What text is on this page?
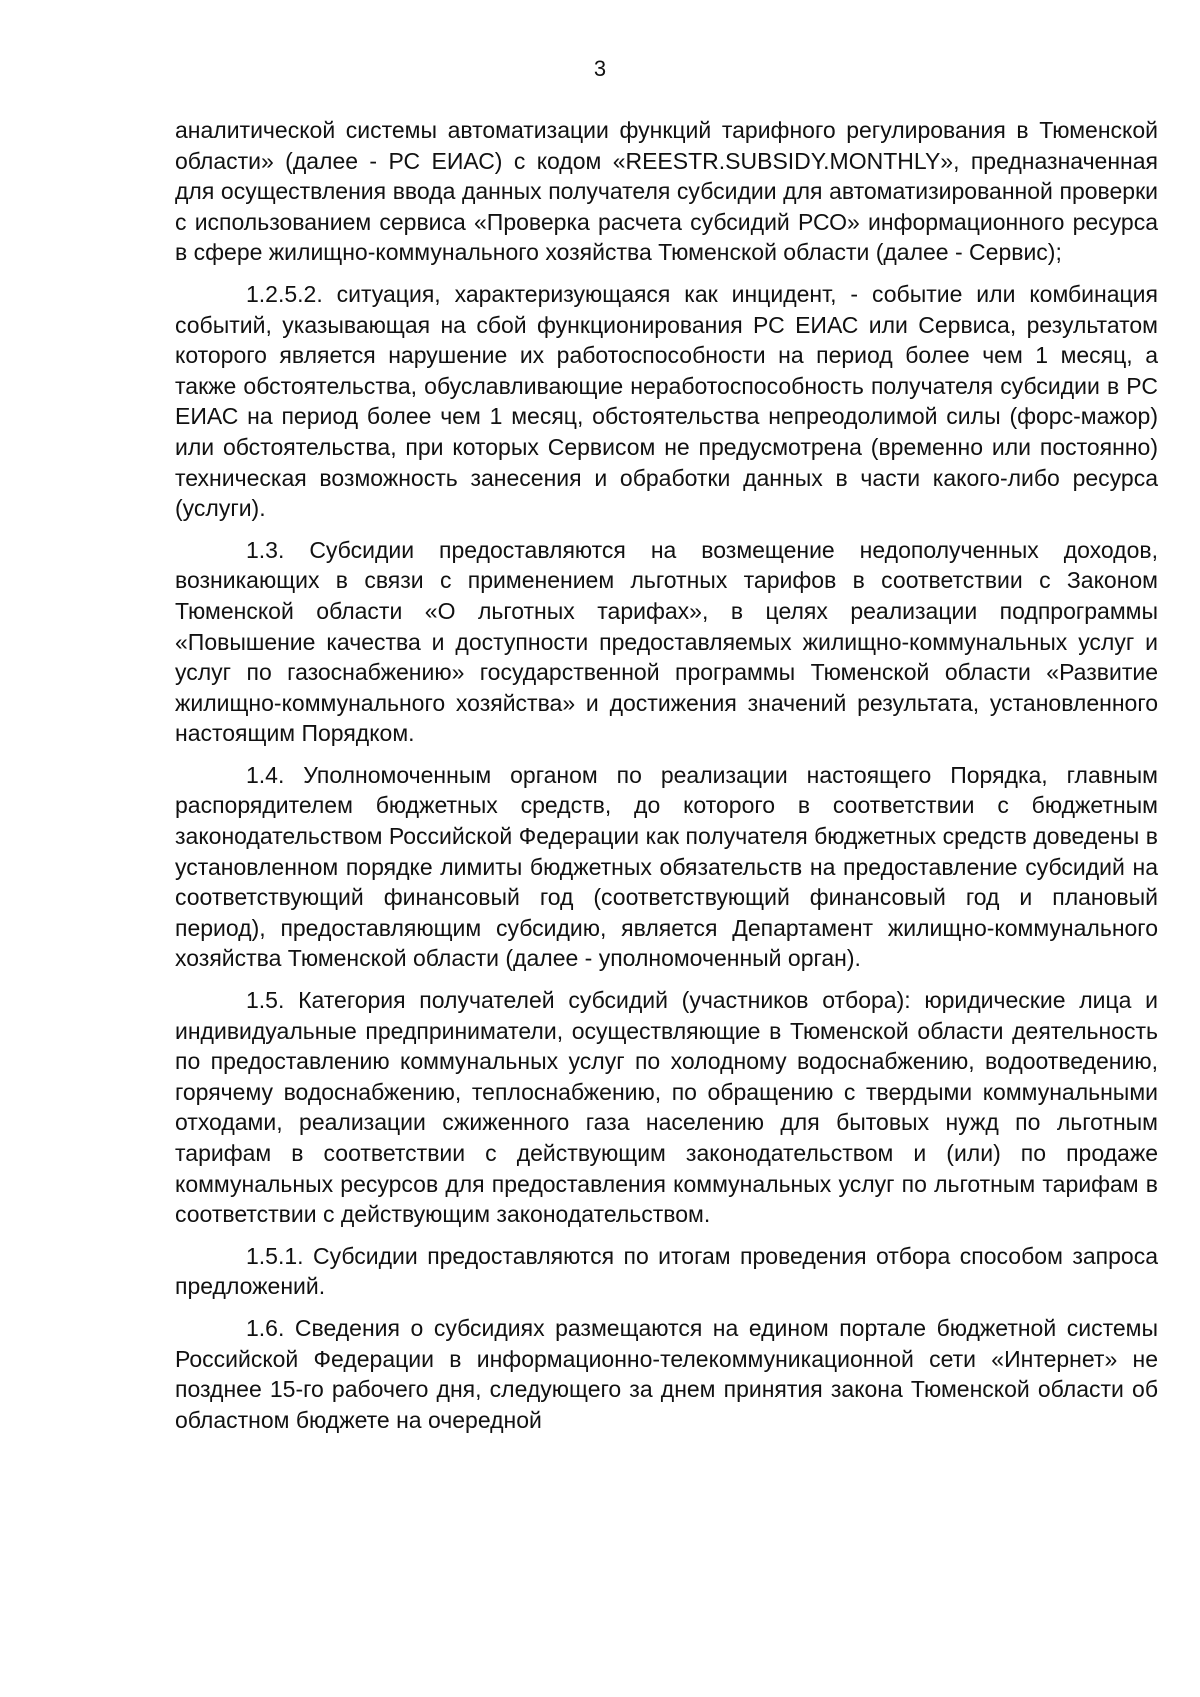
3

аналитической системы автоматизации функций тарифного регулирования в Тюменской области» (далее - РС ЕИАС) с кодом «REESTR.SUBSIDY.MONTHLY», предназначенная для осуществления ввода данных получателя субсидии для автоматизированной проверки с использованием сервиса «Проверка расчета субсидий РСО» информационного ресурса в сфере жилищно-коммунального хозяйства Тюменской области (далее - Сервис);

1.2.5.2. ситуация, характеризующаяся как инцидент, - событие или комбинация событий, указывающая на сбой функционирования РС ЕИАС или Сервиса, результатом которого является нарушение их работоспособности на период более чем 1 месяц, а также обстоятельства, обуславливающие неработоспособность получателя субсидии в РС ЕИАС на период более чем 1 месяц, обстоятельства непреодолимой силы (форс-мажор) или обстоятельства, при которых Сервисом не предусмотрена (временно или постоянно) техническая возможность занесения и обработки данных в части какого-либо ресурса (услуги).

1.3. Субсидии предоставляются на возмещение недополученных доходов, возникающих в связи с применением льготных тарифов в соответствии с Законом Тюменской области «О льготных тарифах», в целях реализации подпрограммы «Повышение качества и доступности предоставляемых жилищно-коммунальных услуг и услуг по газоснабжению» государственной программы Тюменской области «Развитие жилищно-коммунального хозяйства» и достижения значений результата, установленного настоящим Порядком.

1.4. Уполномоченным органом по реализации настоящего Порядка, главным распорядителем бюджетных средств, до которого в соответствии с бюджетным законодательством Российской Федерации как получателя бюджетных средств доведены в установленном порядке лимиты бюджетных обязательств на предоставление субсидий на соответствующий финансовый год (соответствующий финансовый год и плановый период), предоставляющим субсидию, является Департамент жилищно-коммунального хозяйства Тюменской области (далее - уполномоченный орган).

1.5. Категория получателей субсидий (участников отбора): юридические лица и индивидуальные предприниматели, осуществляющие в Тюменской области деятельность по предоставлению коммунальных услуг по холодному водоснабжению, водоотведению, горячему водоснабжению, теплоснабжению, по обращению с твердыми коммунальными отходами, реализации сжиженного газа населению для бытовых нужд по льготным тарифам в соответствии с действующим законодательством и (или) по продаже коммунальных ресурсов для предоставления коммунальных услуг по льготным тарифам в соответствии с действующим законодательством.

1.5.1. Субсидии предоставляются по итогам проведения отбора способом запроса предложений.

1.6. Сведения о субсидиях размещаются на едином портале бюджетной системы Российской Федерации в информационно-телекоммуникационной сети «Интернет» не позднее 15-го рабочего дня, следующего за днем принятия закона Тюменской области об областном бюджете на очередной
